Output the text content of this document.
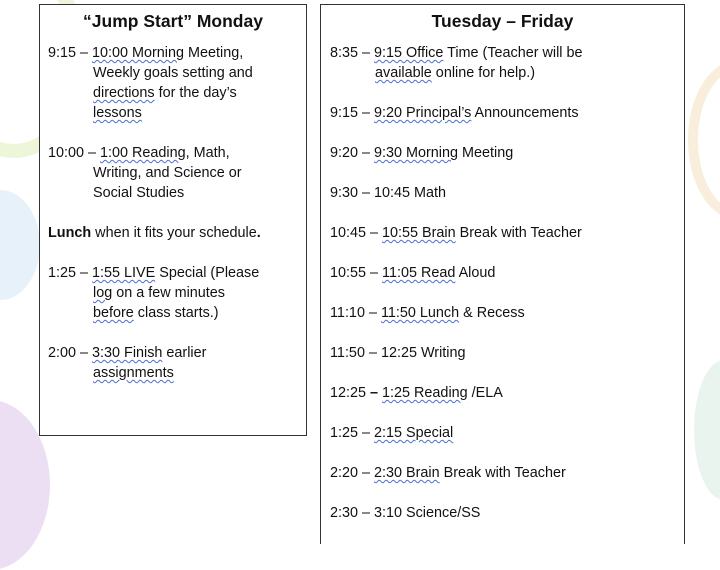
“Jump Start” Monday
9:15 – 10:00 Morning Meeting,
Weekly goals setting and
directions for the day’s
lessons
10:00 – 1:00 Reading, Math,
Writing, and Science or
Social Studies
Lunch when it fits your schedule.
1:25 – 1:55 LIVE Special (Please
log on a few minutes
before class starts.)
2:00 – 3:30 Finish earlier
assignments
Tuesday – Friday
8:35 – 9:15 Office Time (Teacher will be
available online for help.)
9:15 – 9:20 Principal’s Announcements
9:20 – 9:30 Morning Meeting
9:30 – 10:45 Math
10:45 – 10:55 Brain Break with Teacher
10:55 – 11:05 Read Aloud
11:10 – 11:50 Lunch & Recess
11:50 – 12:25 Writing
12:25 – 1:25 Reading /ELA
1:25 – 2:15 Special
2:20 – 2:30 Brain Break with Teacher
2:30 – 3:10 Science/SS
